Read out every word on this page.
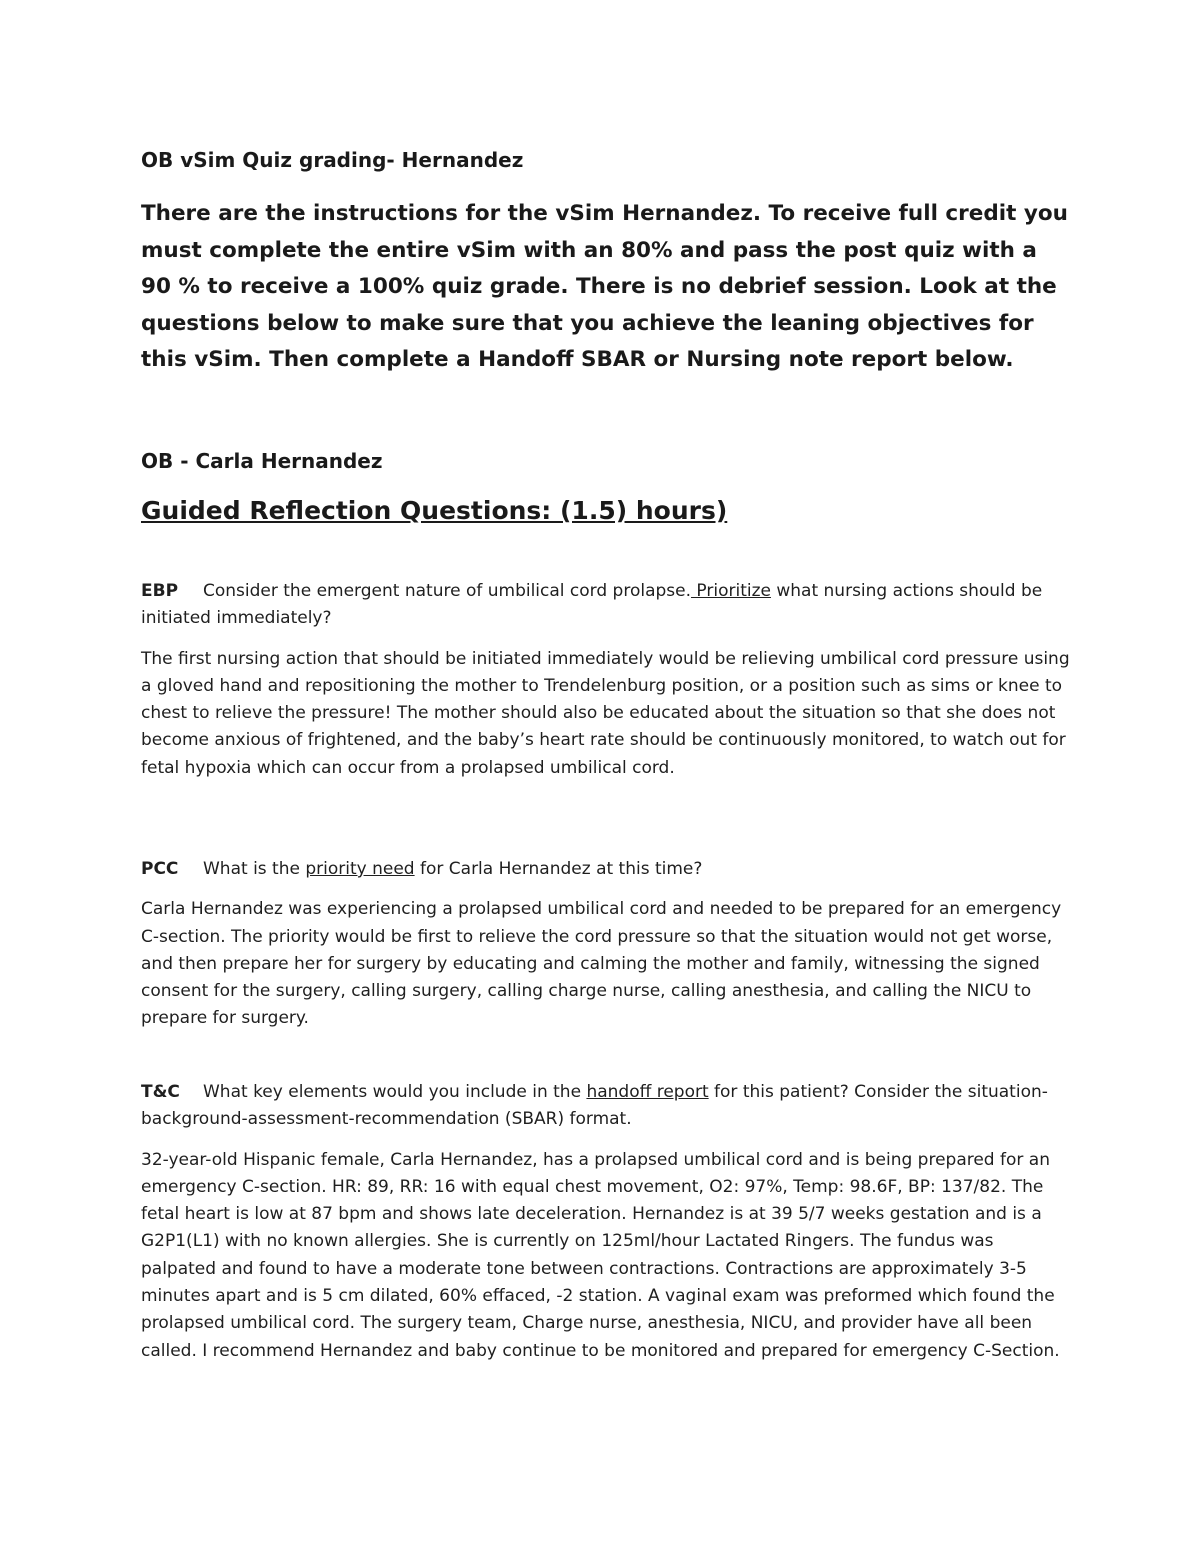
OB vSim Quiz grading- Hernandez

There are the instructions for the vSim Hernandez. To receive full credit you must complete the entire vSim with an 80% and pass the post quiz with a 90 % to receive a 100% quiz grade. There is no debrief session. Look at the questions below to make sure that you achieve the leaning objectives for this vSim. Then complete a Handoff SBAR or Nursing note report below.

OB - Carla Hernandez
Guided Reflection Questions: (1.5) hours)

EBP Consider the emergent nature of umbilical cord prolapse. Prioritize what nursing actions should be initiated immediately?

The first nursing action that should be initiated immediately would be relieving umbilical cord pressure using a gloved hand and repositioning the mother to Trendelenburg position, or a position such as sims or knee to chest to relieve the pressure! The mother should also be educated about the situation so that she does not become anxious of frightened, and the baby’s heart rate should be continuously monitored, to watch out for fetal hypoxia which can occur from a prolapsed umbilical cord.

PCC What is the priority need for Carla Hernandez at this time?

Carla Hernandez was experiencing a prolapsed umbilical cord and needed to be prepared for an emergency C-section. The priority would be first to relieve the cord pressure so that the situation would not get worse, and then prepare her for surgery by educating and calming the mother and family, witnessing the signed consent for the surgery, calling surgery, calling charge nurse, calling anesthesia, and calling the NICU to prepare for surgery.

T&C What key elements would you include in the handoff report for this patient? Consider the situation-background-assessment-recommendation (SBAR) format.

32-year-old Hispanic female, Carla Hernandez, has a prolapsed umbilical cord and is being prepared for an emergency C-section. HR: 89, RR: 16 with equal chest movement, O2: 97%, Temp: 98.6F, BP: 137/82. The fetal heart is low at 87 bpm and shows late deceleration. Hernandez is at 39 5/7 weeks gestation and is a G2P1(L1) with no known allergies. She is currently on 125ml/hour Lactated Ringers. The fundus was palpated and found to have a moderate tone between contractions. Contractions are approximately 3-5 minutes apart and is 5 cm dilated, 60% effaced, -2 station. A vaginal exam was preformed which found the prolapsed umbilical cord. The surgery team, Charge nurse, anesthesia, NICU, and provider have all been called. I recommend Hernandez and baby continue to be monitored and prepared for emergency C-Section.
